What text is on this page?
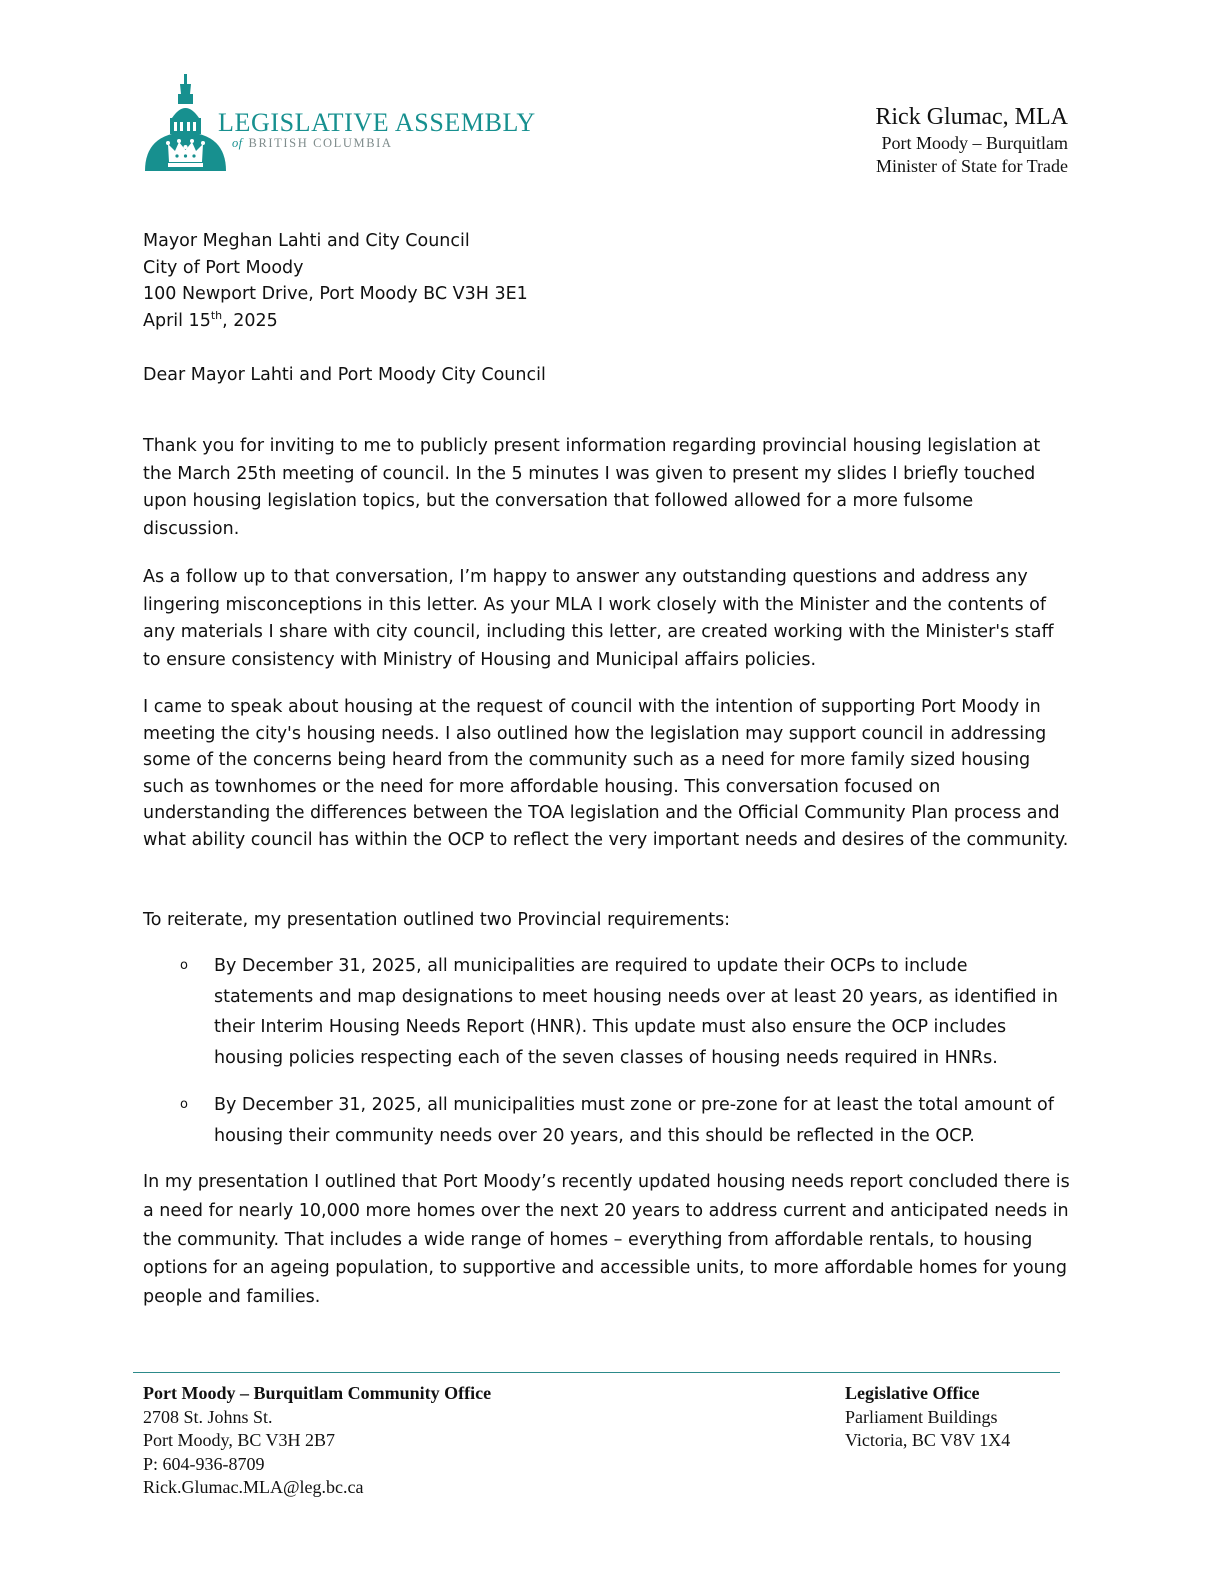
LEGISLATIVE ASSEMBLY
of BRITISH COLUMBIA
Rick Glumac, MLA
Port Moody – Burquitlam
Minister of State for Trade

Mayor Meghan Lahti and City Council

City of Port Moody

100 Newport Drive, Port Moody BC V3H 3E1

April 15th, 2025

Dear Mayor Lahti and Port Moody City Council
Thank you for inviting to me to publicly present information regarding provincial housing legislation at the March 25th meeting of council. In the 5 minutes I was given to present my slides I briefly touched upon housing legislation topics, but the conversation that followed allowed for a more fulsome discussion.
As a follow up to that conversation, I’m happy to answer any outstanding questions and address any lingering misconceptions in this letter. As your MLA I work closely with the Minister and the contents of any materials I share with city council, including this letter, are created working with the Minister's staff to ensure consistency with Ministry of Housing and Municipal affairs policies.
I came to speak about housing at the request of council with the intention of supporting Port Moody in meeting the city's housing needs. I also outlined how the legislation may support council in addressing some of the concerns being heard from the community such as a need for more family sized housing such as townhomes or the need for more affordable housing. This conversation focused on understanding the differences between the TOA legislation and the Official Community Plan process and what ability council has within the OCP to reflect the very important needs and desires of the community.
To reiterate, my presentation outlined two Provincial requirements:
o By December 31, 2025, all municipalities are required to update their OCPs to include statements and map designations to meet housing needs over at least 20 years, as identified in their Interim Housing Needs Report (HNR). This update must also ensure the OCP includes housing policies respecting each of the seven classes of housing needs required in HNRs.
o By December 31, 2025, all municipalities must zone or pre-zone for at least the total amount of housing their community needs over 20 years, and this should be reflected in the OCP.
In my presentation I outlined that Port Moody’s recently updated housing needs report concluded there is a need for nearly 10,000 more homes over the next 20 years to address current and anticipated needs in the community. That includes a wide range of homes – everything from affordable rentals, to housing options for an ageing population, to supportive and accessible units, to more affordable homes for young people and families.
Port Moody – Burquitlam Community Office
2708 St. Johns St.
Port Moody, BC V3H 2B7
P: 604-936-8709
Rick.Glumac.MLA@leg.bc.ca
Legislative Office
Parliament Buildings
Victoria, BC V8V 1X4
